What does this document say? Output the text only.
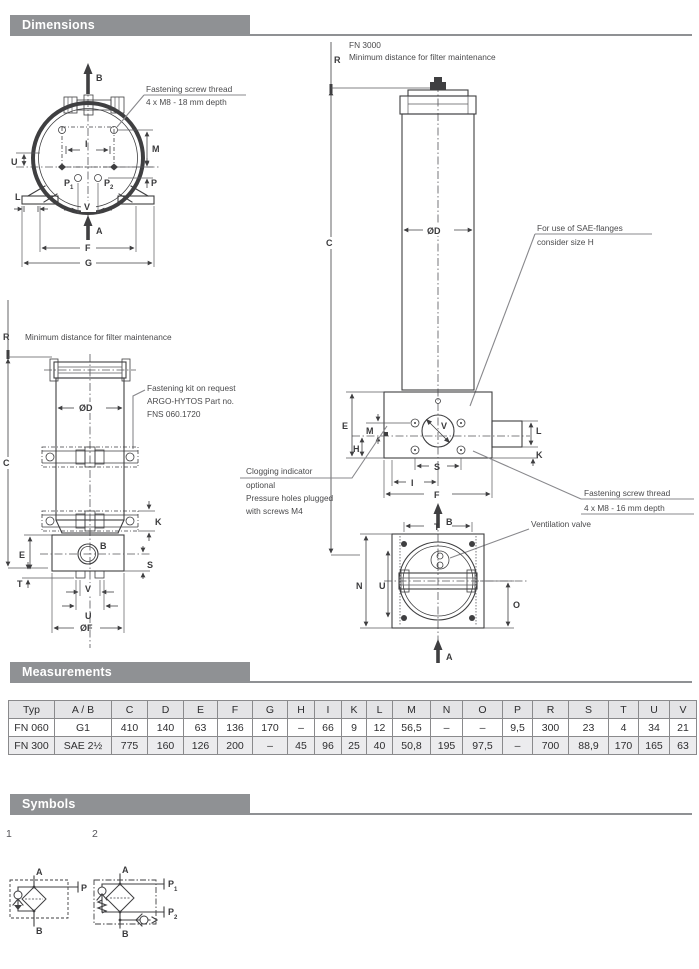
Dimensions
Measurements
Symbols
B
I	M
P
U
P 1	P 2
L
V
A
F
G
Fastening screw thread
4 x M8 - 18 mm depth
R Minimum distance for filter maintenance
C
ØD
Fastening kit on request
ARGO-HYTOS Part no.
FNS 060.1720
K
B
E
S
T	V
U
ØF
FN 3000
Minimum distance for filter maintenance
R
C
ØD	For use of SAE-flanges
consider size H
V	L
K
E M
H
Clogging indicator
optional
Pressure holes plugged
with screws M4
S
I
F
B
Fastening screw thread
4 x M8 - 16 mm depth
Ventilation valve
T
N U
O
A
Typ	A / B	C	D	E	F	G	H	I	K	L	M	N	O	P	R	S	T	U	V
FN 060	G1	410	140	63	136	170	–	66	9	12	56,5	–	–	9,5	300	23	4	34	21
FN 300	SAE 2½	775	160	126	200	–	45	96	25	40	50,8	195	97,5	–	700	88,9	170	165	63
1	2
A
P
B
A
P
1
P
2
B
